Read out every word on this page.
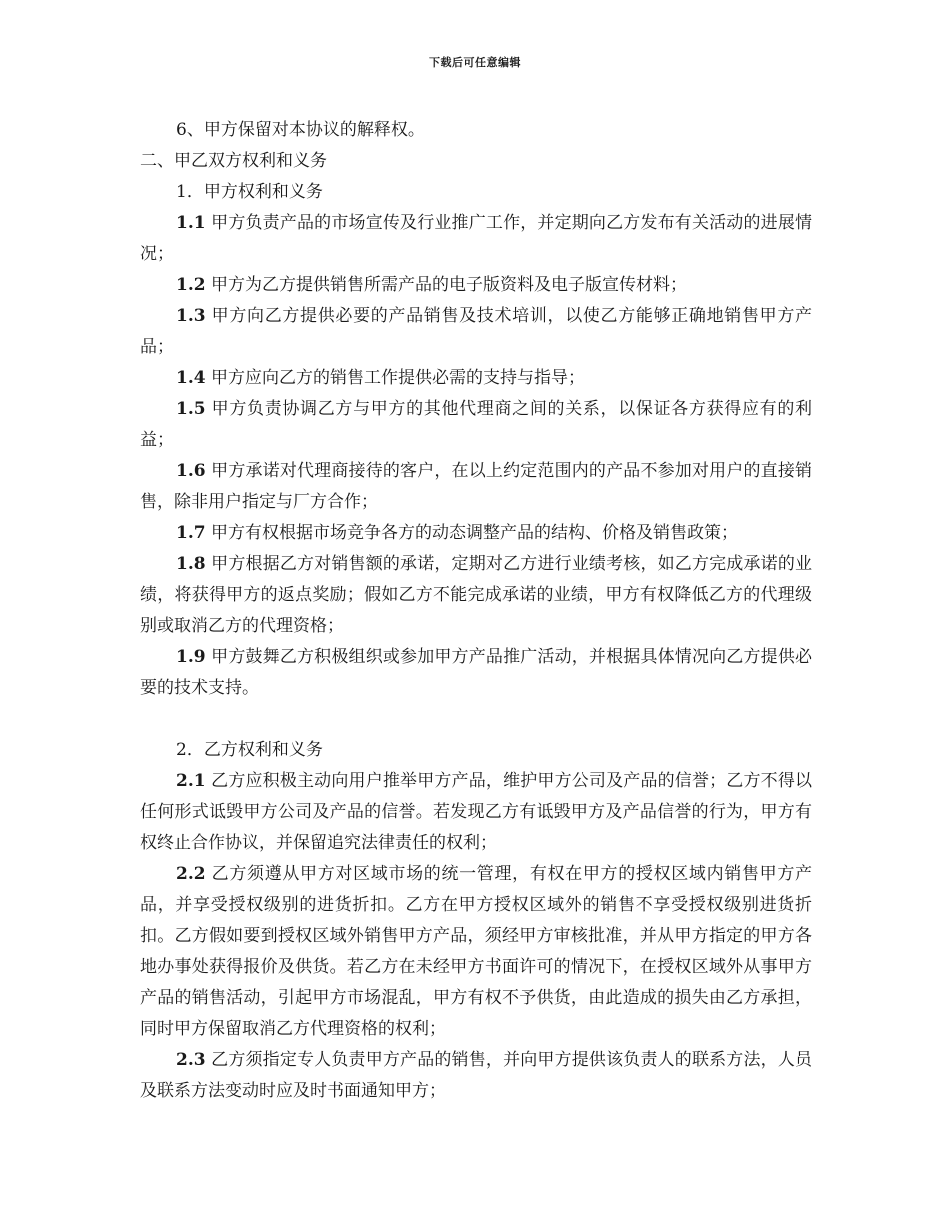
下载后可任意编辑

6、甲方保留对本协议的解释权。

二、甲乙双方权利和义务

1．甲方权利和义务

1.1 甲方负责产品的市场宣传及行业推广工作，并定期向乙方发布有关活动的进展情况；

1.2 甲方为乙方提供销售所需产品的电子版资料及电子版宣传材料；

1.3 甲方向乙方提供必要的产品销售及技术培训，以使乙方能够正确地销售甲方产品；

1.4 甲方应向乙方的销售工作提供必需的支持与指导；

1.5 甲方负责协调乙方与甲方的其他代理商之间的关系，以保证各方获得应有的利益；

1.6 甲方承诺对代理商接待的客户，在以上约定范围内的产品不参加对用户的直接销售，除非用户指定与厂方合作；

1.7 甲方有权根据市场竞争各方的动态调整产品的结构、价格及销售政策；

1.8 甲方根据乙方对销售额的承诺，定期对乙方进行业绩考核，如乙方完成承诺的业绩，将获得甲方的返点奖励；假如乙方不能完成承诺的业绩，甲方有权降低乙方的代理级别或取消乙方的代理资格；

1.9 甲方鼓舞乙方积极组织或参加甲方产品推广活动，并根据具体情况向乙方提供必要的技术支持。

2．乙方权利和义务

2.1 乙方应积极主动向用户推举甲方产品，维护甲方公司及产品的信誉；乙方不得以任何形式诋毁甲方公司及产品的信誉。若发现乙方有诋毁甲方及产品信誉的行为，甲方有权终止合作协议，并保留追究法律责任的权利；

2.2 乙方须遵从甲方对区域市场的统一管理，有权在甲方的授权区域内销售甲方产品，并享受授权级别的进货折扣。乙方在甲方授权区域外的销售不享受授权级别进货折扣。乙方假如要到授权区域外销售甲方产品，须经甲方审核批准，并从甲方指定的甲方各地办事处获得报价及供货。若乙方在未经甲方书面许可的情况下，在授权区域外从事甲方产品的销售活动，引起甲方市场混乱，甲方有权不予供货，由此造成的损失由乙方承担，同时甲方保留取消乙方代理资格的权利；

2.3 乙方须指定专人负责甲方产品的销售，并向甲方提供该负责人的联系方法，人员及联系方法变动时应及时书面通知甲方；
